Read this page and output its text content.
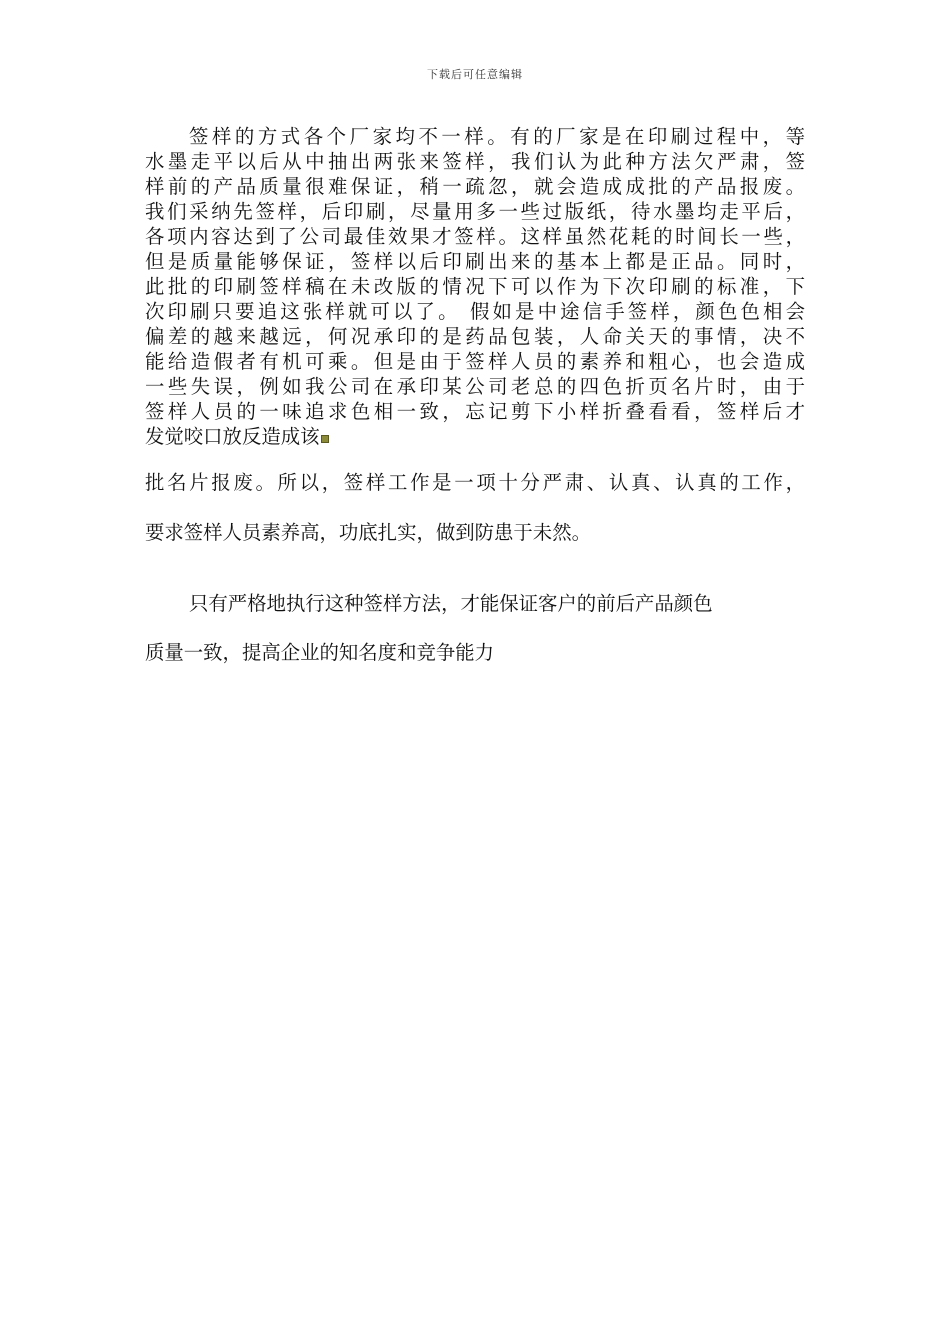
下载后可任意编辑
签样的方式各个厂家均不一样。有的厂家是在印刷过程中，等
水墨走平以后从中抽出两张来签样，我们认为此种方法欠严肃，签
样前的产品质量很难保证，稍一疏忽，就会造成成批的产品报废。
我们采纳先签样，后印刷，尽量用多一些过版纸，待水墨均走平后，
各项内容达到了公司最佳效果才签样。这样虽然花耗的时间长一些，
但是质量能够保证，签样以后印刷出来的基本上都是正品。同时，
此批的印刷签样稿在未改版的情况下可以作为下次印刷的标准，下
次印刷只要追这张样就可以了。 假如是中途信手签样，颜色色相会
偏差的越来越远，何况承印的是药品包装，人命关天的事情，决不
能给造假者有机可乘。但是由于签样人员的素养和粗心，也会造成
一些失误，例如我公司在承印某公司老总的四色折页名片时，由于
签样人员的一味追求色相一致，忘记剪下小样折叠看看，签样后才
发觉咬口放反造成该
批名片报废。所以，签样工作是一项十分严肃、认真、认真的工作，
要求签样人员素养高，功底扎实，做到防患于未然。
只有严格地执行这种签样方法，才能保证客户的前后产品颜色
质量一致，提高企业的知名度和竞争能力
